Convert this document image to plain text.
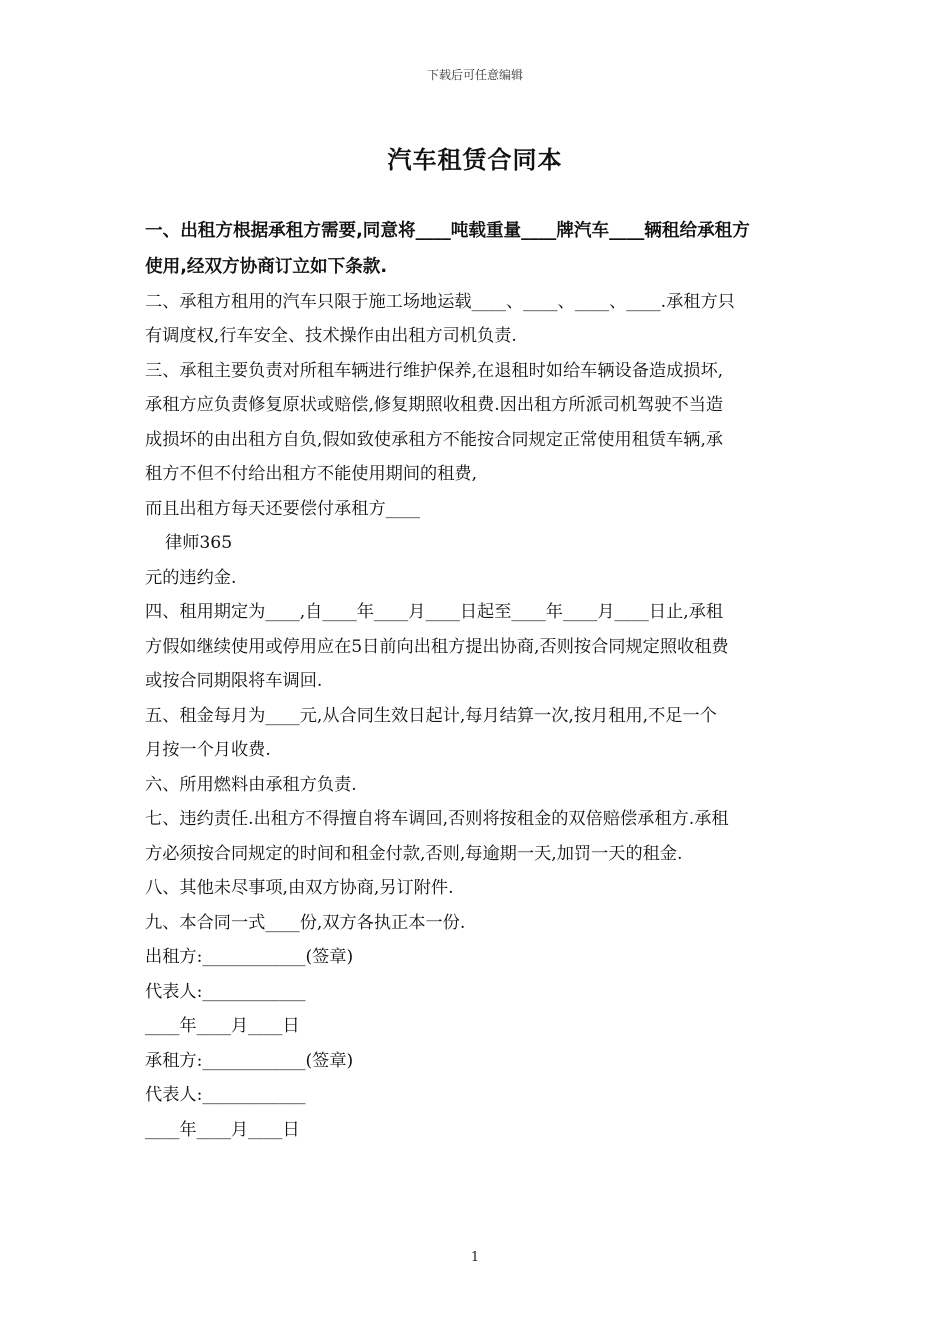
下载后可任意编辑
汽车租赁合同本
一、出租方根据承租方需要,同意将____吨载重量____牌汽车____辆租给承租方
使用,经双方协商订立如下条款.
二、承租方租用的汽车只限于施工场地运载____、____、____、____.承租方只
有调度权,行车安全、技术操作由出租方司机负责.
三、承租主要负责对所租车辆进行维护保养,在退租时如给车辆设备造成损坏,
承租方应负责修复原状或赔偿,修复期照收租费.因出租方所派司机驾驶不当造
成损坏的由出租方自负,假如致使承租方不能按合同规定正常使用租赁车辆,承
租方不但不付给出租方不能使用期间的租费,
而且出租方每天还要偿付承租方____
律师365
元的违约金.
四、租用期定为____,自____年____月____日起至____年____月____日止,承租
方假如继续使用或停用应在5日前向出租方提出协商,否则按合同规定照收租费
或按合同期限将车调回.
五、租金每月为____元,从合同生效日起计,每月结算一次,按月租用,不足一个
月按一个月收费.
六、所用燃料由承租方负责.
七、违约责任.出租方不得擅自将车调回,否则将按租金的双倍赔偿承租方.承租
方必须按合同规定的时间和租金付款,否则,每逾期一天,加罚一天的租金.
八、其他未尽事项,由双方协商,另订附件.
九、本合同一式____份,双方各执正本一份.
出租方:____________(签章)
代表人:____________
____年____月____日
承租方:____________(签章)
代表人:____________
____年____月____日
1
